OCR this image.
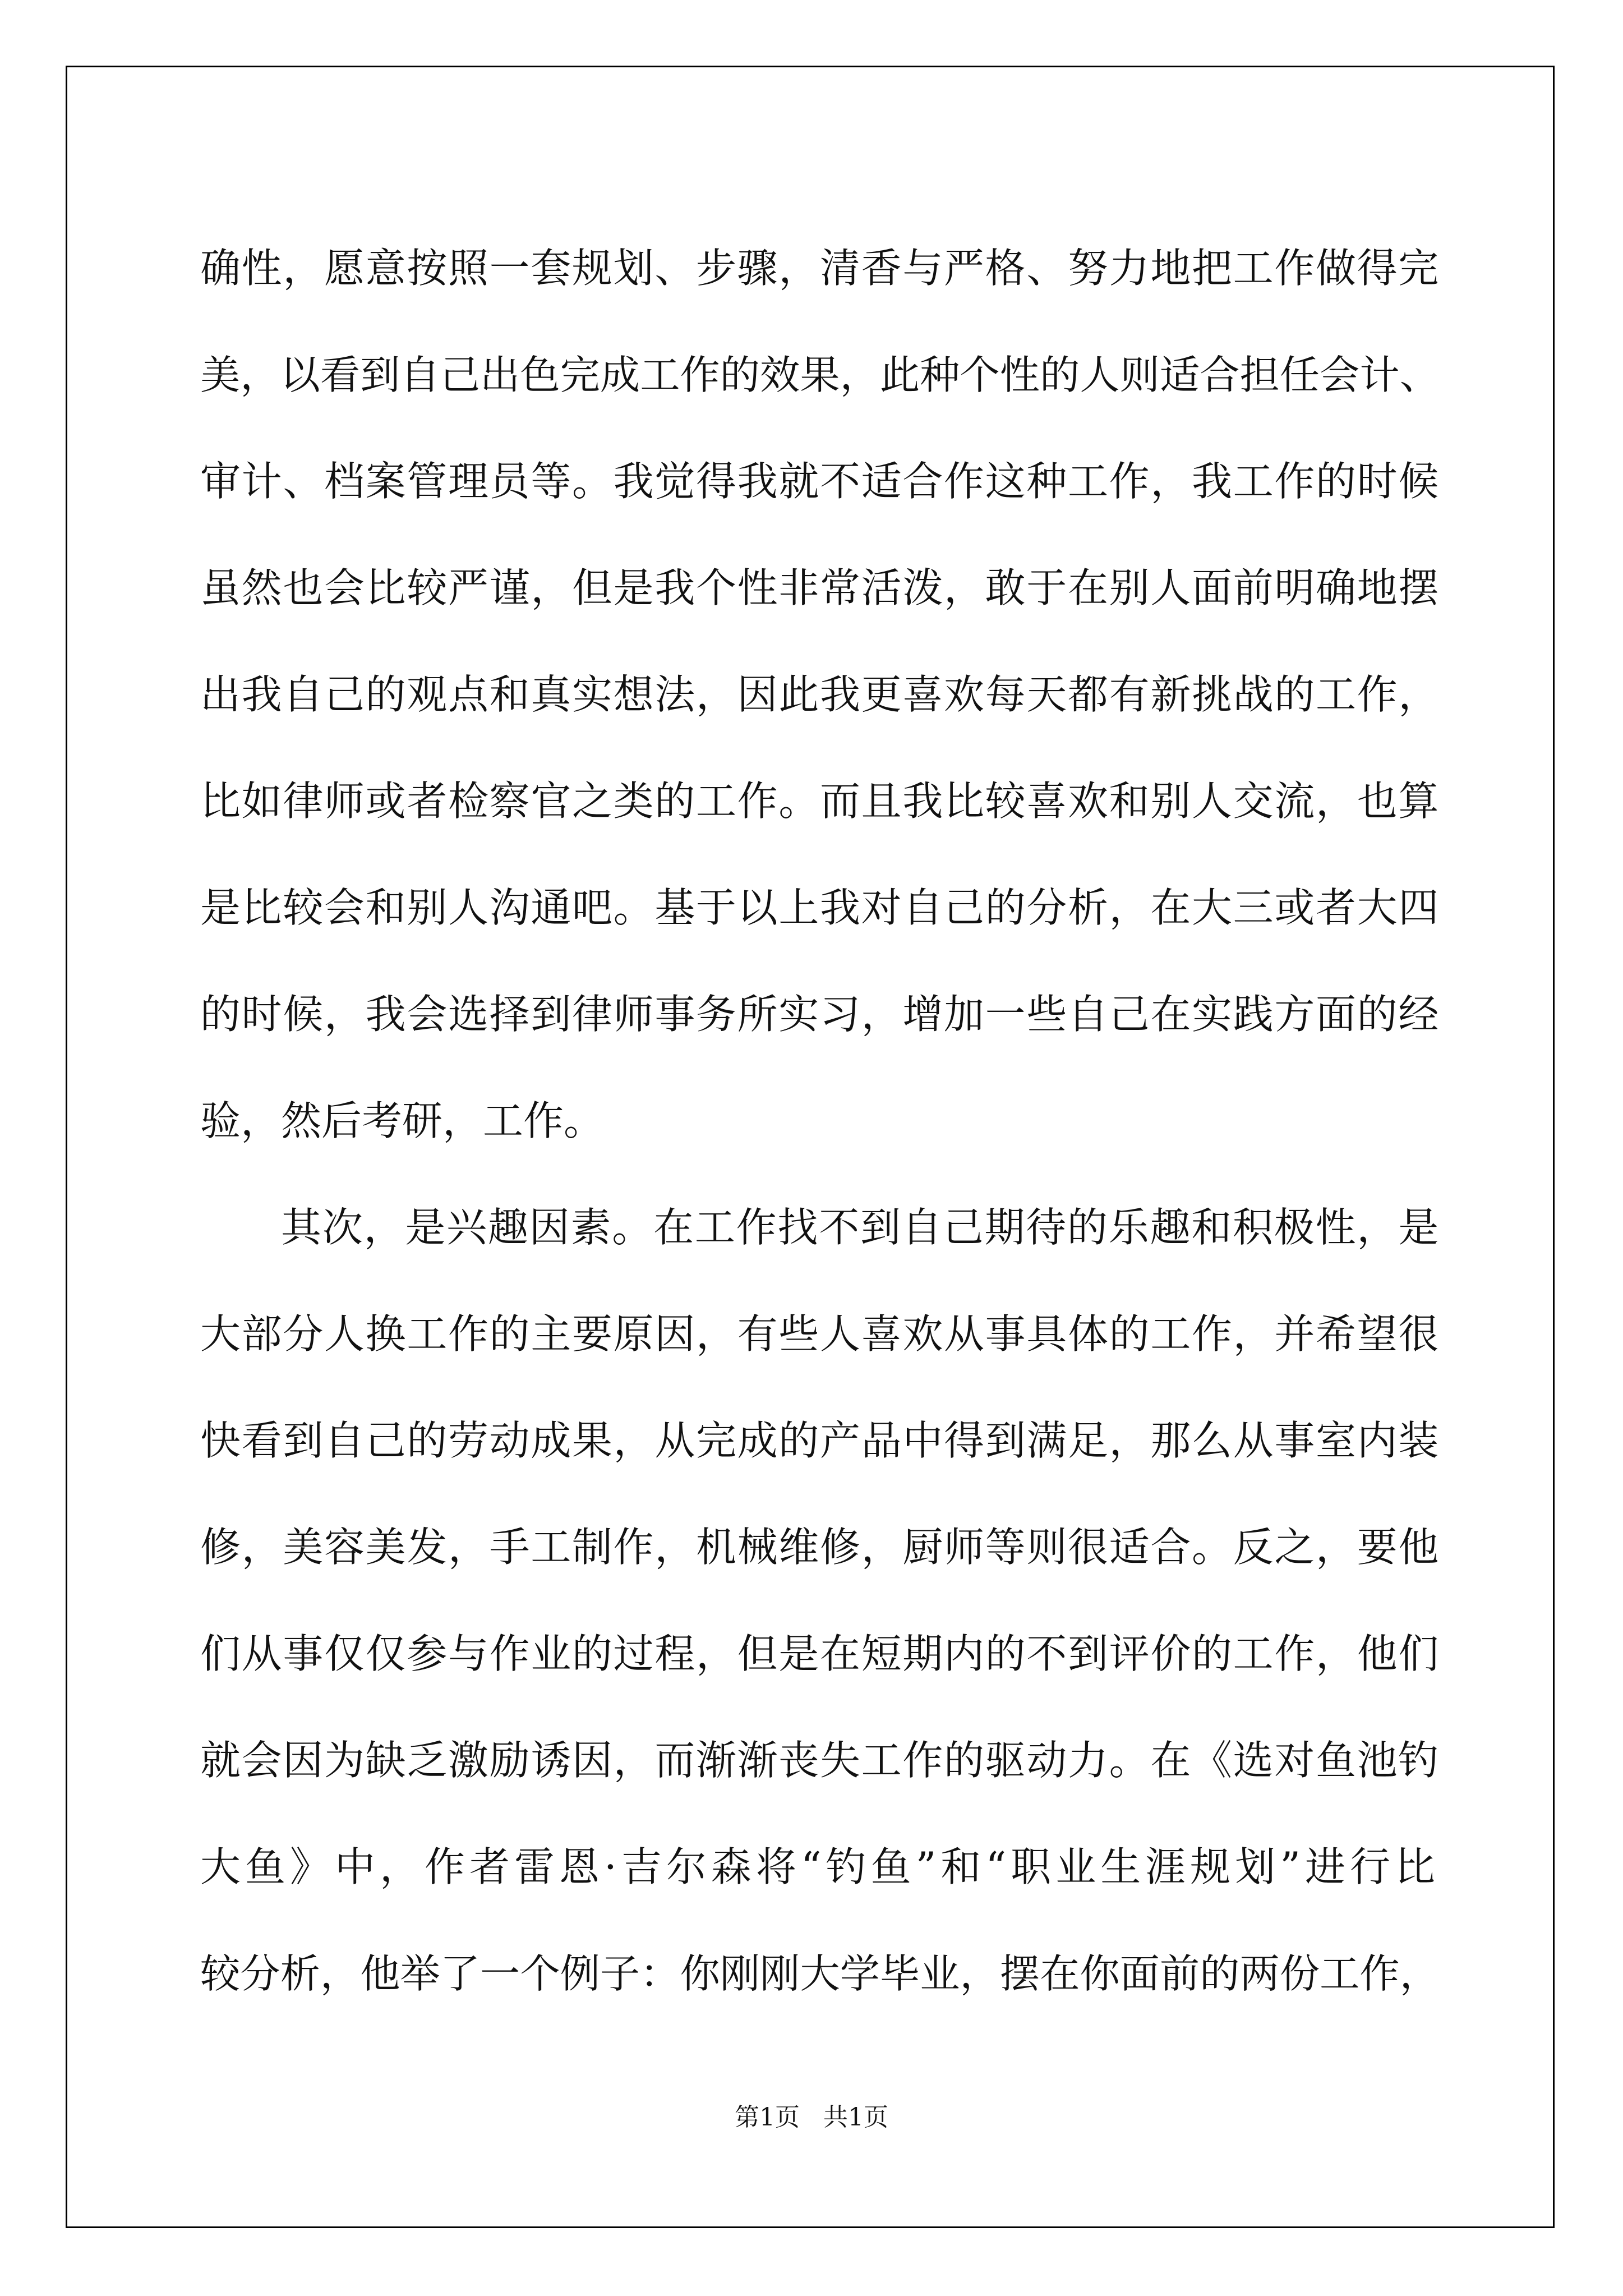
确性，愿意按照一套规划、步骤，清香与严格、努力地把工作做得完
美，以看到自己出色完成工作的效果，此种个性的人则适合担任会计、
审计、档案管理员等。我觉得我就不适合作这种工作，我工作的时候
虽然也会比较严谨，但是我个性非常活泼，敢于在别人面前明确地摆
出我自己的观点和真实想法，因此我更喜欢每天都有新挑战的工作，
比如律师或者检察官之类的工作。而且我比较喜欢和别人交流，也算
是比较会和别人沟通吧。基于以上我对自己的分析，在大三或者大四
的时候，我会选择到律师事务所实习，增加一些自己在实践方面的经
验，然后考研，工作。
其次，是兴趣因素。在工作找不到自己期待的乐趣和积极性，是
大部分人换工作的主要原因，有些人喜欢从事具体的工作，并希望很
快看到自己的劳动成果，从完成的产品中得到满足，那么从事室内装
修，美容美发，手工制作，机械维修，厨师等则很适合。反之，要他
们从事仅仅参与作业的过程，但是在短期内的不到评价的工作，他们
就会因为缺乏激励诱因，而渐渐丧失工作的驱动力。在《选对鱼池钓
大鱼》中，作者雷恩·吉尔森将“钓鱼”和“职业生涯规划”进行比
较分析，他举了一个例子：你刚刚大学毕业，摆在你面前的两份工作，
第1页   共1页
